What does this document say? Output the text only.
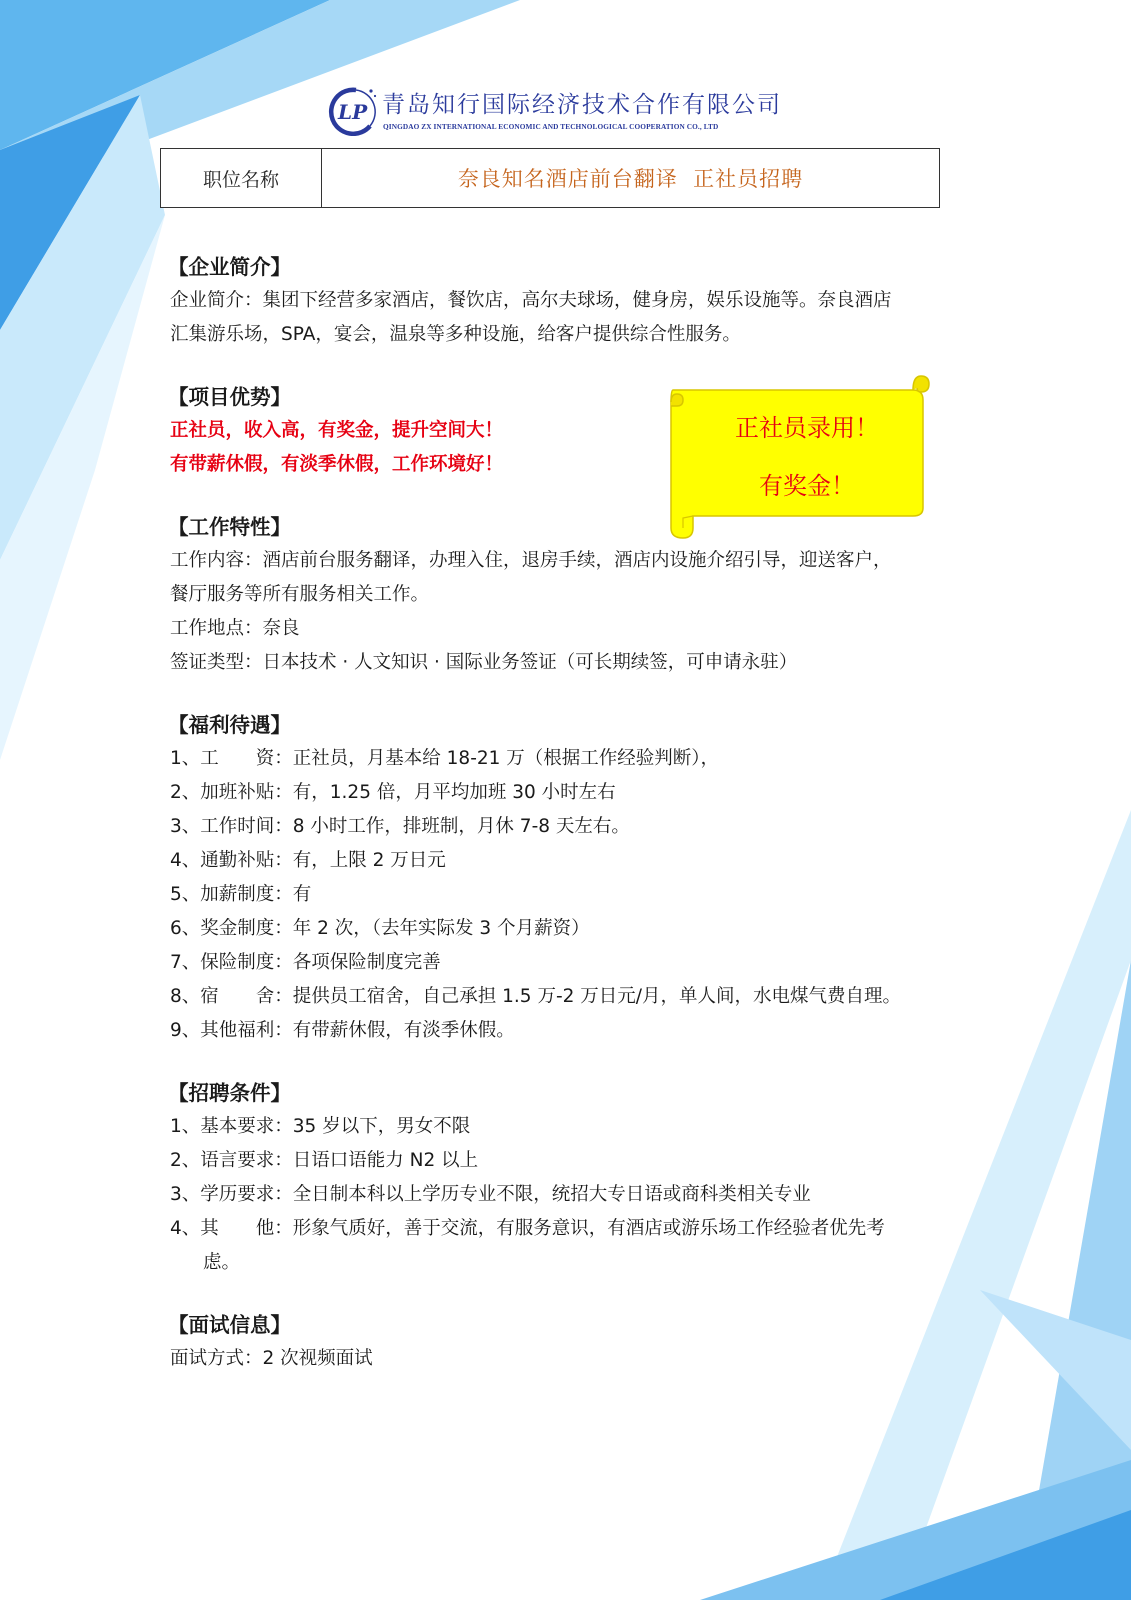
LP 青岛知行国际经济技术合作有限公司
QINGDAO ZX INTERNATIONAL ECONOMIC AND TECHNOLOGICAL COOPERATION CO., LTD
职位名称	奈良知名酒店前台翻译  正社员招聘
【企业简介】
企业简介：集团下经营多家酒店，餐饮店，高尔夫球场，健身房，娱乐设施等。奈良酒店
汇集游乐场，SPA，宴会，温泉等多种设施，给客户提供综合性服务。
【项目优势】
正社员，收入高，有奖金，提升空间大！
有带薪休假，有淡季休假，工作环境好！
【工作特性】
工作内容：酒店前台服务翻译，办理入住，退房手续，酒店内设施介绍引导，迎送客户，
餐厅服务等所有服务相关工作。
工作地点：奈良
签证类型：日本技术 · 人文知识 · 国际业务签证（可长期续签，可申请永驻）
【福利待遇】
1、工　　资：正社员，月基本给 18-21 万（根据工作经验判断），
2、加班补贴：有，1.25 倍，月平均加班 30 小时左右
3、工作时间：8 小时工作，排班制，月休 7-8 天左右。
4、通勤补贴：有，上限 2 万日元
5、加薪制度：有
6、奖金制度：年 2 次，（去年实际发 3 个月薪资）
7、保险制度：各项保险制度完善
8、宿　　舍：提供员工宿舍，自己承担 1.5 万-2 万日元/月，单人间，水电煤气费自理。
9、其他福利：有带薪休假，有淡季休假。
【招聘条件】
1、基本要求：35 岁以下，男女不限
2、语言要求：日语口语能力 N2 以上
3、学历要求：全日制本科以上学历专业不限，统招大专日语或商科类相关专业
4、其　　他：形象气质好，善于交流，有服务意识，有酒店或游乐场工作经验者优先考
虑。
【面试信息】
面试方式：2 次视频面试
正社员录用！
有奖金！
